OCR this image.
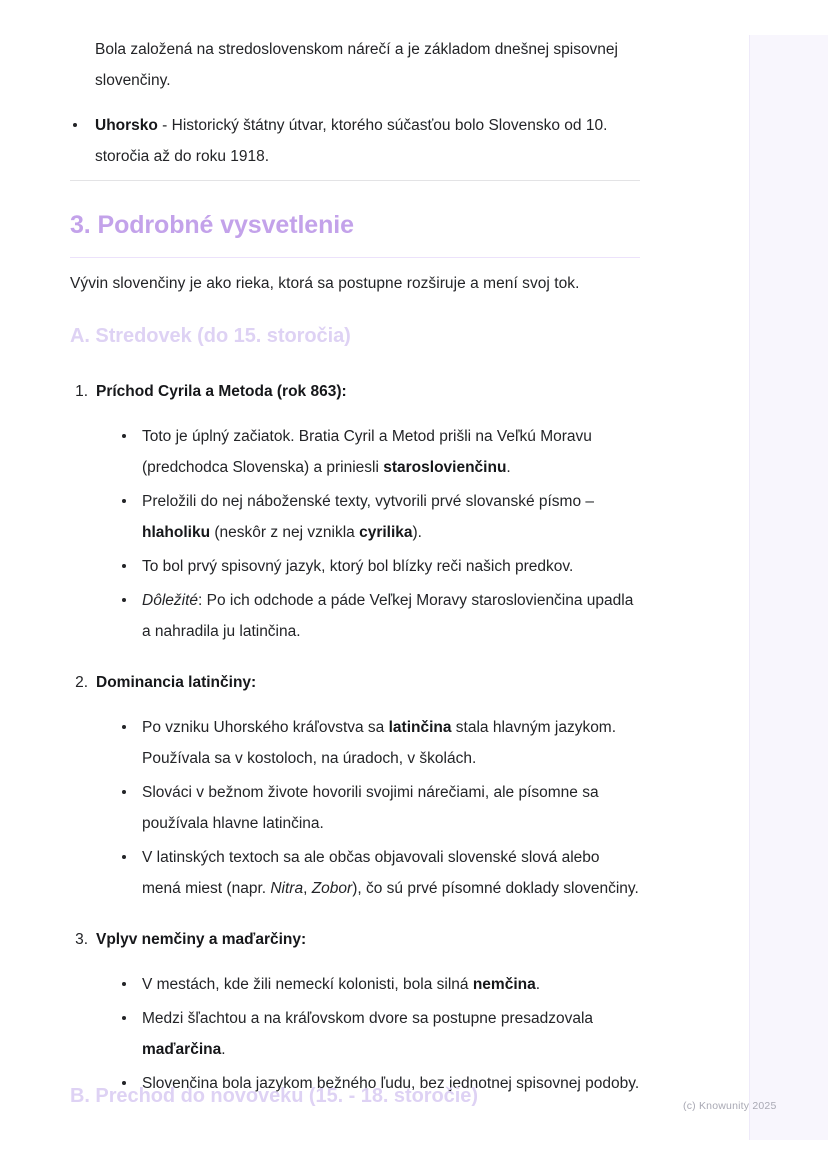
Bola založená na stredoslovenskom nárečí a je základom dnešnej spisovnej slovenčiny.

Uhorsko - Historický štátny útvar, ktorého súčasťou bolo Slovensko od 10. storočia až do roku 1918.
3. Podrobné vysvetlenie

Vývin slovenčiny je ako rieka, ktorá sa postupne rozširuje a mení svoj tok.

A. Stredovek (do 15. storočia)

Príchod Cyrila a Metoda (rok 863):

Toto je úplný začiatok. Bratia Cyril a Metod prišli na Veľkú Moravu (predchodca Slovenska) a priniesli staroslovienčinu.
Preložili do nej náboženské texty, vytvorili prvé slovanské písmo – hlaholiku (neskôr z nej vznikla cyrilika).
To bol prvý spisovný jazyk, ktorý bol blízky reči našich predkov.
Dôležité: Po ich odchode a páde Veľkej Moravy staroslovienčina upadla a nahradila ju latinčina.

Dominancia latinčiny:

Po vzniku Uhorského kráľovstva sa latinčina stala hlavným jazykom. Používala sa v kostoloch, na úradoch, v školách.
Slováci v bežnom živote hovorili svojimi nárečiami, ale písomne sa používala hlavne latinčina.
V latinských textoch sa ale občas objavovali slovenské slová alebo mená miest (napr. Nitra, Zobor), čo sú prvé písomné doklady slovenčiny.

Vplyv nemčiny a maďarčiny:

V mestách, kde žili nemeckí kolonisti, bola silná nemčina.
Medzi šľachtou a na kráľovskom dvore sa postupne presadzovala maďarčina.
Slovenčina bola jazykom bežného ľudu, bez jednotnej spisovnej podoby.
B. Prechod do novoveku (15. - 18. storočie)	(c) Knowunity 2025
